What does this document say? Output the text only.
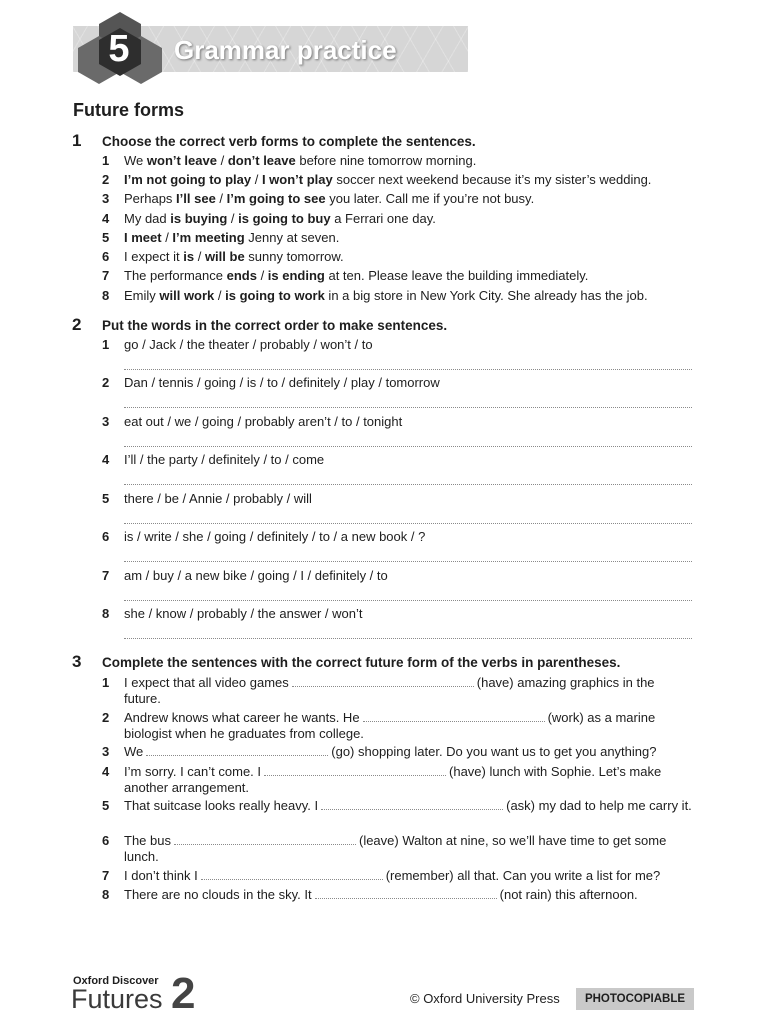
5	Grammar practice
Future forms
1 Choose the correct verb forms to complete the sentences.
1 We won’t leave / don’t leave before nine tomorrow morning.
2 I’m not going to play / I won’t play soccer next weekend because it’s my sister’s wedding.
3 Perhaps I’ll see / I’m going to see you later. Call me if you’re not busy.
4 My dad is buying / is going to buy a Ferrari one day.
5 I meet / I’m meeting Jenny at seven.
6 I expect it is / will be sunny tomorrow.
7 The performance ends / is ending at ten. Please leave the building immediately.
8 Emily will work / is going to work in a big store in New York City. She already has the job.
2 Put the words in the correct order to make sentences.
1 go / Jack / the theater / probably / won’t / to
2 Dan / tennis / going / is / to / definitely / play / tomorrow
3 eat out / we / going / probably aren’t / to / tonight
4 I’ll / the party / definitely / to / come
5 there / be / Annie / probably / will
6 is / write / she / going / definitely / to / a new book / ?
7 am / buy / a new bike / going / I / definitely / to
8 she / know / probably / the answer / won’t
3 Complete the sentences with the correct future form of the verbs in parentheses.
1 I expect that all video games	(have) amazing graphics in the future.
2 Andrew knows what career he wants. He	(work) as a marine biologist when he graduates from college.
3 We	(go) shopping later. Do you want us to get you anything?
4 I’m sorry. I can’t come. I	(have) lunch with Sophie. Let’s make another arrangement.
5 That suitcase looks really heavy. I	(ask) my dad to help me carry it.
6 The bus	(leave) Walton at nine, so we’ll have time to get some lunch.
7 I don’t think I	(remember) all that. Can you write a list for me?
8 There are no clouds in the sky. It	(not rain) this afternoon.
Oxford Discover
Futures 2	© Oxford University Press	PHOTOCOPIABLE
